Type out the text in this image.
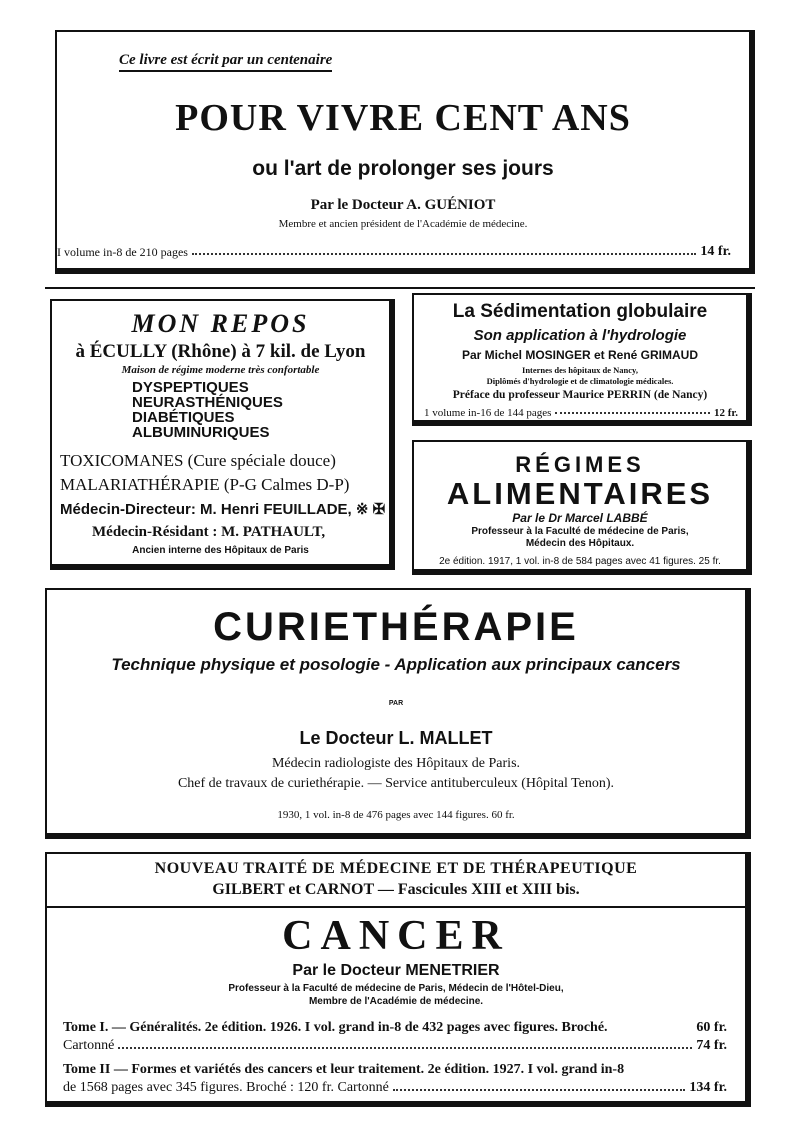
Ce livre est écrit par un centenaire
POUR VIVRE CENT ANS
ou l'art de prolonger ses jours
Par le Docteur A. GUÉNIOT
Membre et ancien président de l'Académie de médecine.
I volume in-8 de 210 pages	14 fr.
MON REPOS
à ÉCULLY (Rhône) à 7 kil. de Lyon
Maison de régime moderne très confortable
DYSPEPTIQUES
NEURASTHÉNIQUES
DIABÉTIQUES
ALBUMINURIQUES
TOXICOMANES (Cure spéciale douce)
MALARIATHÉRAPIE (P-G Calmes D-P)
Médecin-Directeur: M. Henri FEUILLADE, ※ ✠
Médecin-Résidant : M. PATHAULT,
Ancien interne des Hôpitaux de Paris
La Sédimentation globulaire
Son application à l'hydrologie
Par Michel MOSINGER et René GRIMAUD
Internes des hôpitaux de Nancy,
Diplômés d'hydrologie et de climatologie médicales.
Préface du professeur Maurice PERRIN (de Nancy)
1 volume in-16 de 144 pages	12 fr.
RÉGIMES
ALIMENTAIRES
Par le Dr Marcel LABBÉ
Professeur à la Faculté de médecine de Paris,
Médecin des Hôpitaux.
2e édition. 1917, 1 vol. in-8 de 584 pages avec 41 figures. 25 fr.
CURIETHÉRAPIE
Technique physique et posologie - Application aux principaux cancers
PAR
Le Docteur L. MALLET
Médecin radiologiste des Hôpitaux de Paris.
Chef de travaux de curiethérapie. — Service antituberculeux (Hôpital Tenon).
1930, 1 vol. in-8 de 476 pages avec 144 figures. 60 fr.
NOUVEAU TRAITÉ DE MÉDECINE ET DE THÉRAPEUTIQUE
GILBERT et CARNOT — Fascicules XIII et XIII bis.
CANCER
Par le Docteur MENETRIER
Professeur à la Faculté de médecine de Paris, Médecin de l'Hôtel-Dieu,
Membre de l'Académie de médecine.
Tome I. — Généralités. 2e édition. 1926. I vol. grand in-8 de 432 pages avec figures. Broché.	60 fr.
Cartonné	74 fr.
Tome II — Formes et variétés des cancers et leur traitement. 2e édition. 1927. I vol. grand in-8
de 1568 pages avec 345 figures. Broché : 120 fr. Cartonné	134 fr.
